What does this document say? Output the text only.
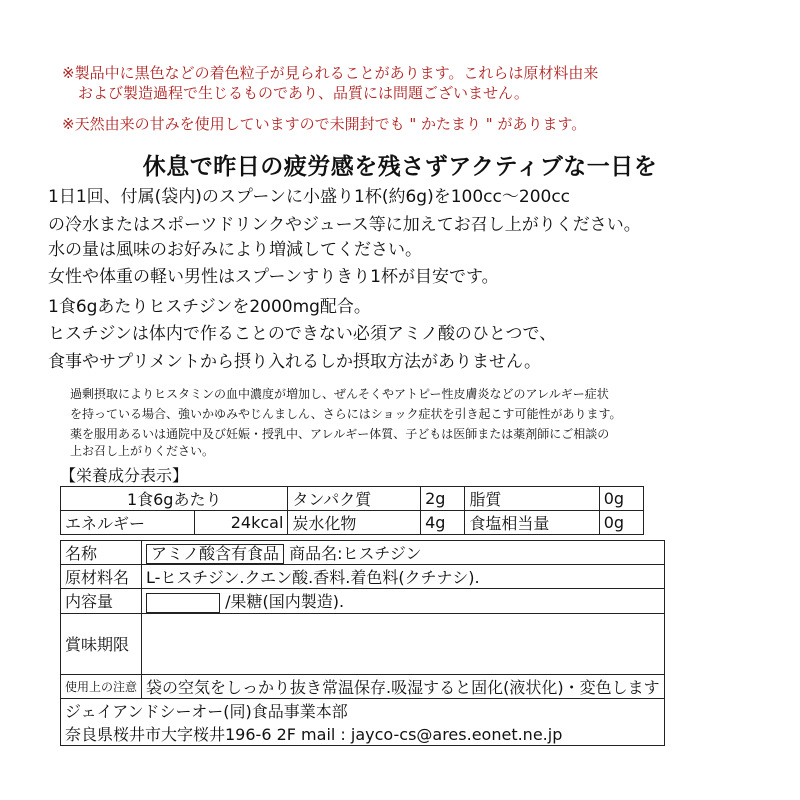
※製品中に黒色などの着色粒子が見られることがあります。これらは原材料由来
および製造過程で生じるものであり、品質には問題ございません。
※天然由来の甘みを使用していますので未開封でも " かたまり " があります。
休息で昨日の疲労感を残さずアクティブな一日を
1日1回、付属(袋内)のスプーンに小盛り1杯(約6g)を100cc～200cc
の冷水またはスポーツドリンクやジュース等に加えてお召し上がりください。
水の量は風味のお好みにより増減してください。
女性や体重の軽い男性はスプーンすりきり1杯が目安です。
1食6gあたりヒスチジンを2000mg配合。
ヒスチジンは体内で作ることのできない必須アミノ酸のひとつで、
食事やサプリメントから摂り入れるしか摂取方法がありません。
過剰摂取によりヒスタミンの血中濃度が増加し、ぜんそくやアトピー性皮膚炎などのアレルギー症状
を持っている場合、強いかゆみやじんましん、さらにはショック症状を引き起こす可能性があります。
薬を服用あるいは通院中及び妊娠・授乳中、アレルギー体質、子どもは医師または薬剤師にご相談の
上お召し上がりください。
【栄養成分表示】
1食6gあたり		タンパク質	2g	脂質	0g
エネルギー	24kcal	炭水化物	4g	食塩相当量	0g
名称	アミノ酸含有食品 商品名:ヒスチジン
原材料名	L-ヒスチジン.クエン酸.香料.着色料(クチナシ).
内容量	/果糖(国内製造).
賞味期限	
使用上の注意	袋の空気をしっかり抜き常温保存.吸湿すると固化(液状化)・変色します
ジェイアンドシーオー(同)食品事業本部	
奈良県桜井市大字桜井196-6 2F mail : jayco-cs@ares.eonet.ne.jp	
